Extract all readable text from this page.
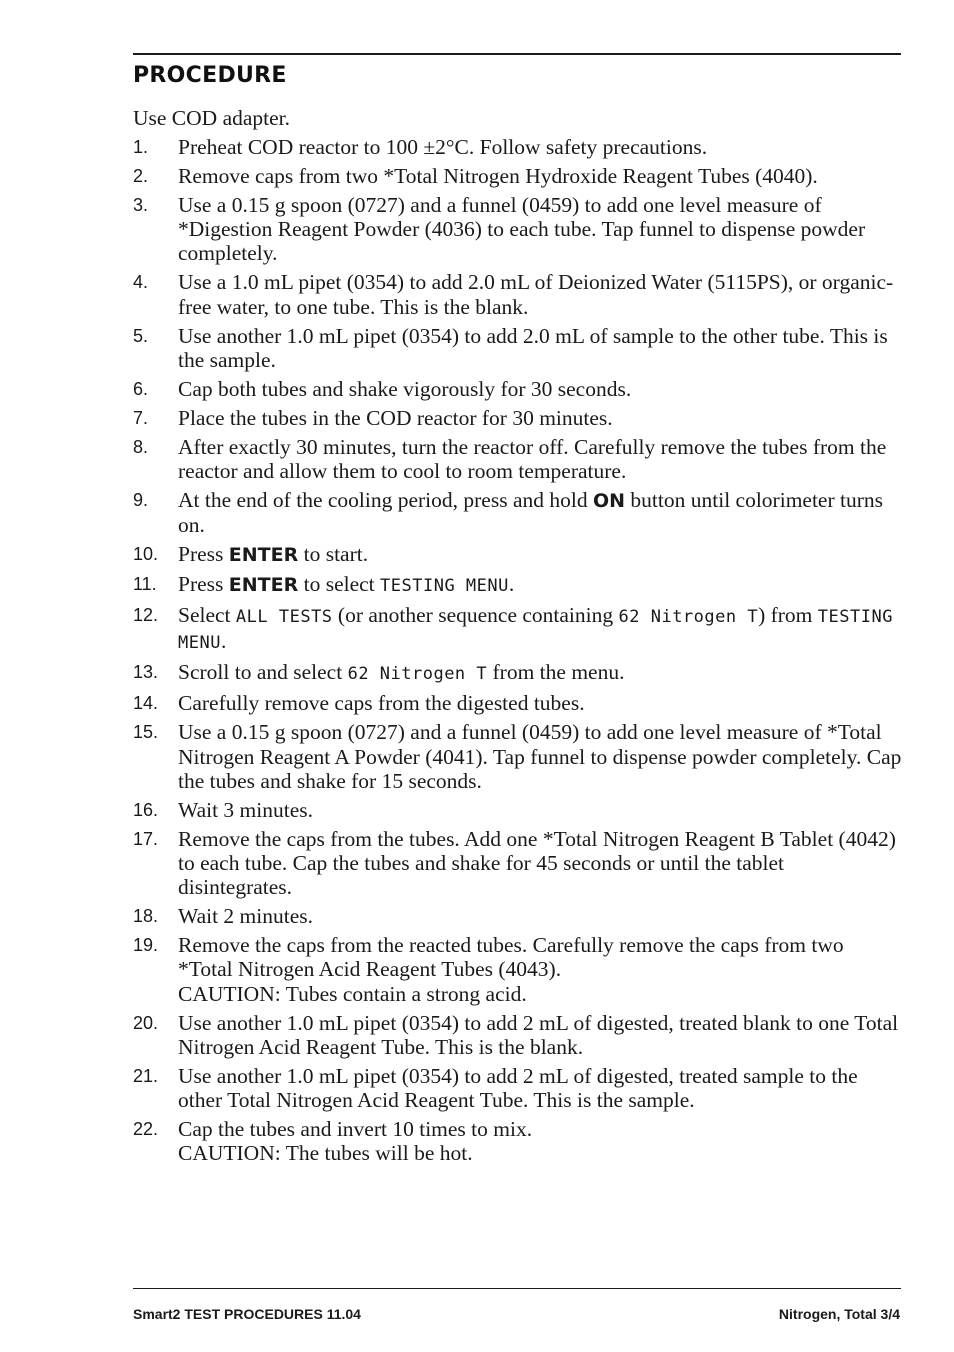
PROCEDURE
Use COD adapter.
1.	Preheat COD reactor to 100 ±2°C. Follow safety precautions.
2.	Remove caps from two *Total Nitrogen Hydroxide Reagent Tubes (4040).
3.	Use a 0.15 g spoon (0727) and a funnel (0459) to add one level measure of *Digestion Reagent Powder (4036) to each tube. Tap funnel to dispense powder completely.
4.	Use a 1.0 mL pipet (0354) to add 2.0 mL of Deionized Water (5115PS), or organic-free water, to one tube. This is the blank.
5.	Use another 1.0 mL pipet (0354) to add 2.0 mL of sample to the other tube. This is the sample.
6.	Cap both tubes and shake vigorously for 30 seconds.
7.	Place the tubes in the COD reactor for 30 minutes.
8.	After exactly 30 minutes, turn the reactor off. Carefully remove the tubes from the reactor and allow them to cool to room temperature.
9.	At the end of the cooling period, press and hold ON button until colorimeter turns on.
10. Press ENTER to start.
11. Press ENTER to select TESTING MENU.
12. Select ALL TESTS (or another sequence containing 62 Nitrogen T) from TESTING MENU.
13. Scroll to and select 62 Nitrogen T from the menu.
14. Carefully remove caps from the digested tubes.
15. Use a 0.15 g spoon (0727) and a funnel (0459) to add one level measure of *Total Nitrogen Reagent A Powder (4041). Tap funnel to dispense powder completely. Cap the tubes and shake for 15 seconds.
16. Wait 3 minutes.
17. Remove the caps from the tubes. Add one *Total Nitrogen Reagent B Tablet (4042) to each tube. Cap the tubes and shake for 45 seconds or until the tablet disintegrates.
18. Wait 2 minutes.
19. Remove the caps from the reacted tubes. Carefully remove the caps from two *Total Nitrogen Acid Reagent Tubes (4043).
CAUTION: Tubes contain a strong acid.
20. Use another 1.0 mL pipet (0354) to add 2 mL of digested, treated blank to one Total Nitrogen Acid Reagent Tube. This is the blank.
21. Use another 1.0 mL pipet (0354) to add 2 mL of digested, treated sample to the other Total Nitrogen Acid Reagent Tube. This is the sample.
22. Cap the tubes and invert 10 times to mix.
CAUTION: The tubes will be hot.
Smart2 TEST PROCEDURES 11.04	Nitrogen, Total 3/4
